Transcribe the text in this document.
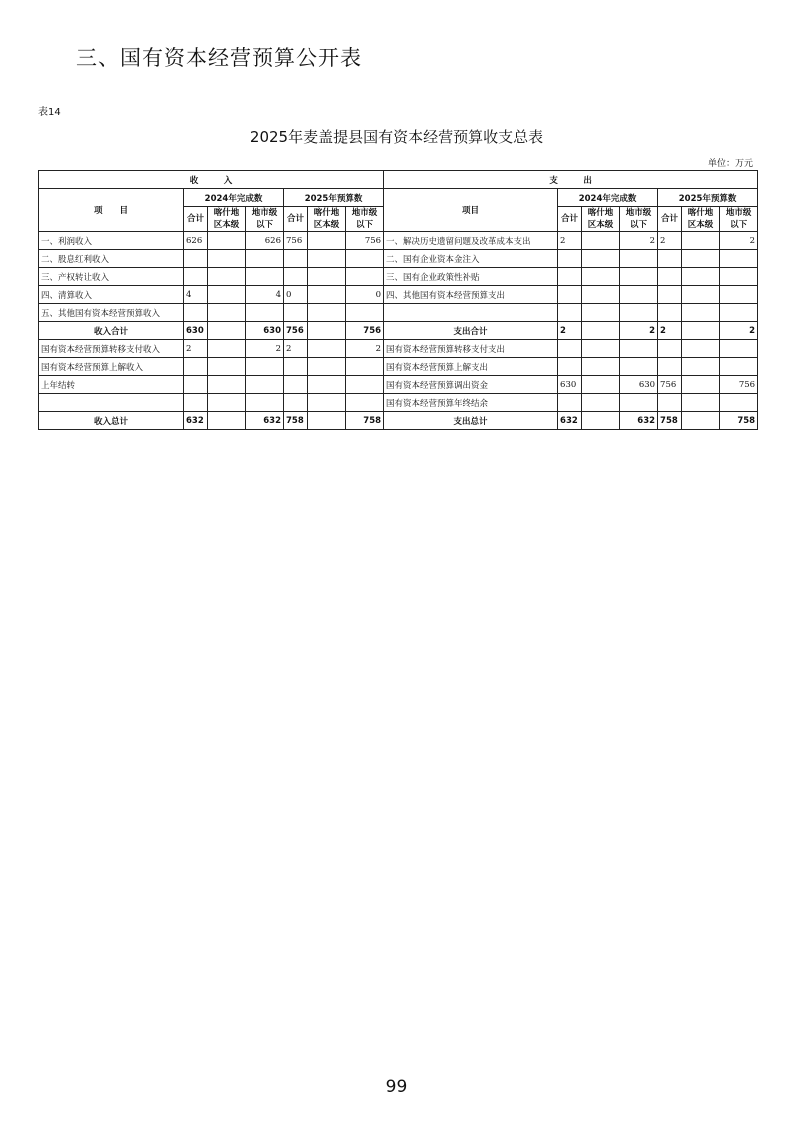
三、国有资本经营预算公开表
表14
2025年麦盖提县国有资本经营预算收支总表
单位：万元
收　　　入							支　　　出						
项　　目	2024年完成数			2025年预算数			项目	2024年完成数			2025年预算数		
	合计	喀什地区本级	地市级以下	合计	喀什地区本级	地市级以下		合计	喀什地区本级	地市级以下	合计	喀什地区本级	地市级以下
一、利润收入	626		626	756		756	一、解决历史遗留问题及改革成本支出	2		2	2		2
二、股息红利收入							二、国有企业资本金注入						
三、产权转让收入							三、国有企业政策性补贴						
四、清算收入	4		4	0		0	四、其他国有资本经营预算支出						
五、其他国有资本经营预算收入													
收入合计	630		630	756		756	支出合计	2		2	2		2
国有资本经营预算转移支付收入	2		2	2		2	国有资本经营预算转移支付支出						
国有资本经营预算上解收入							国有资本经营预算上解支出						
上年结转							国有资本经营预算调出资金	630		630	756		756
							国有资本经营预算年终结余						
收入总计	632		632	758		758	支出总计	632		632	758		758
99
